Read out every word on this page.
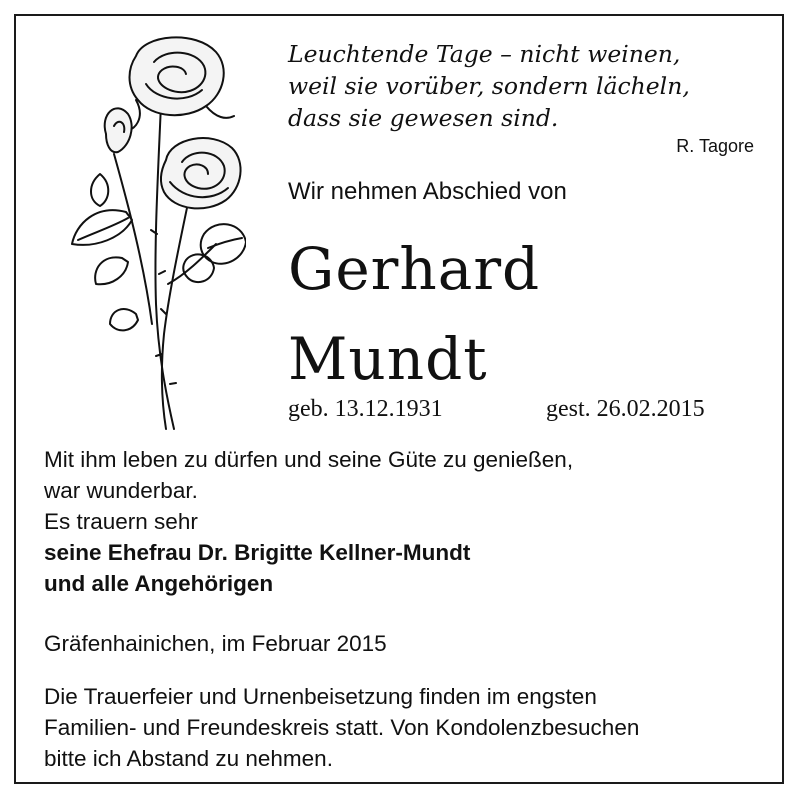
Leuchtende Tage – nicht weinen,
weil sie vorüber, sondern lächeln,
dass sie gewesen sind.
R. Tagore
Wir nehmen Abschied von
Gerhard
Mundt
geb. 13.12.1931	gest. 26.02.2015
Mit ihm leben zu dürfen und seine Güte zu genießen,
war wunderbar.
Es trauern sehr
seine Ehefrau Dr. Brigitte Kellner-Mundt
und alle Angehörigen
Gräfenhainichen, im Februar 2015
Die Trauerfeier und Urnenbeisetzung finden im engsten
Familien- und Freundeskreis statt. Von Kondolenzbesuchen
bitte ich Abstand zu nehmen.
